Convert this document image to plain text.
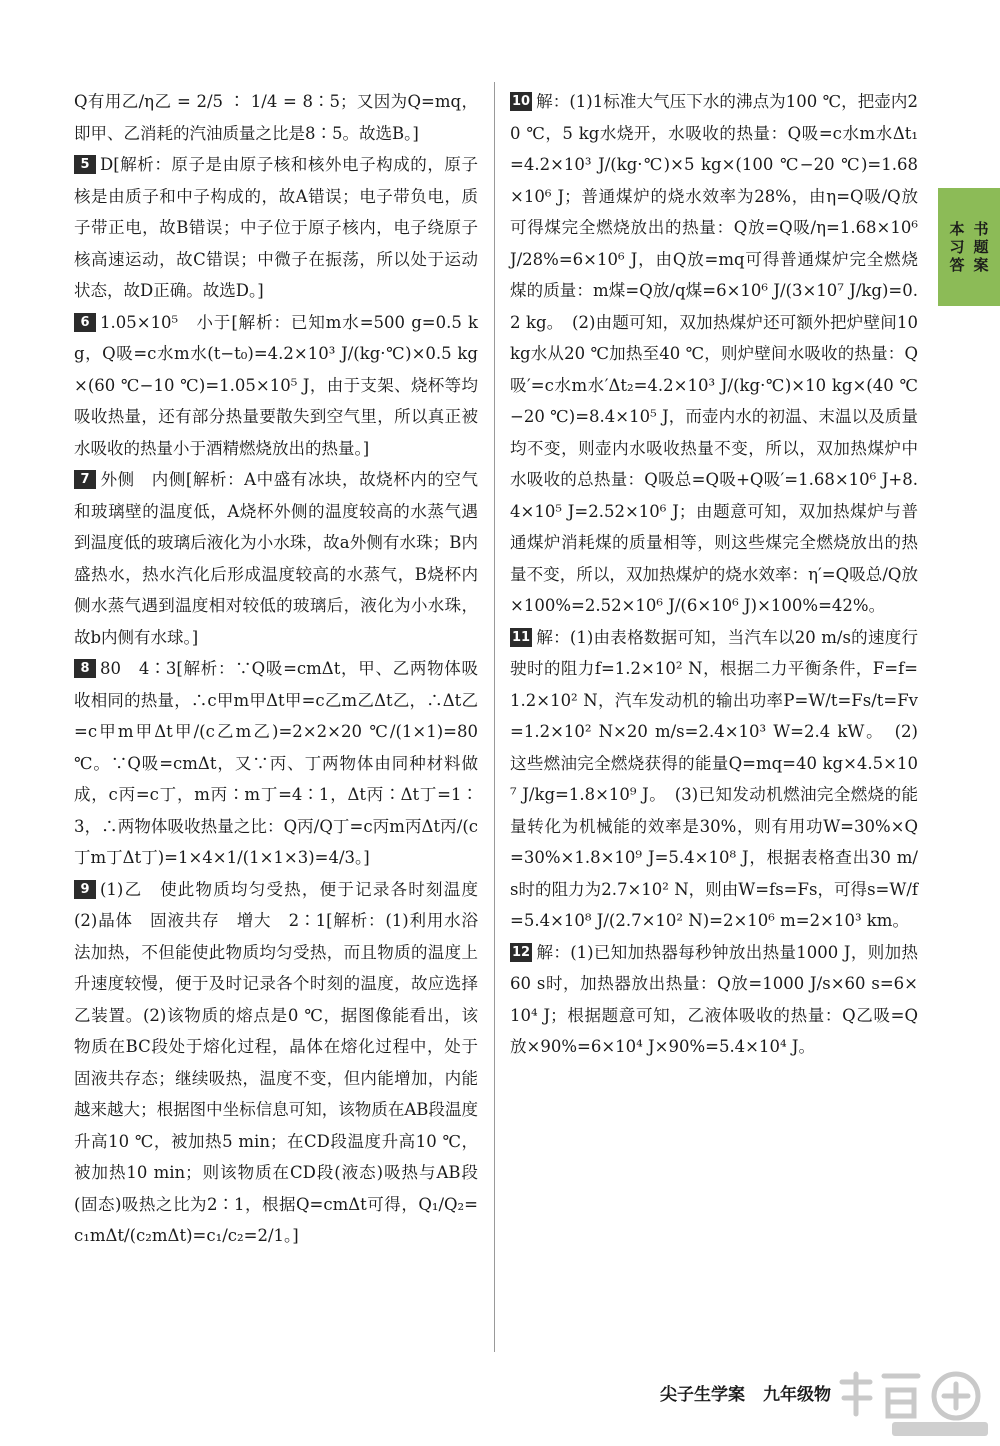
Q有用乙/η乙 = 2/5 ∶ 1/4 = 8∶5；又因为Q=mq，即甲、乙消耗的汽油质量之比是8∶5。故选B。]

5 D[解析：原子是由原子核和核外电子构成的，原子核是由质子和中子构成的，故A错误；电子带负电，质子带正电，故B错误；中子位于原子核内，电子绕原子核高速运动，故C错误；中微子在振荡，所以处于运动状态，故D正确。故选D。]

6 1.05×10⁵　小于[解析：已知m水=500 g=0.5 kg，Q吸=c水m水(t−t₀)=4.2×10³ J/(kg·℃)×0.5 kg×(60 ℃−10 ℃)=1.05×10⁵ J，由于支架、烧杯等均吸收热量，还有部分热量要散失到空气里，所以真正被水吸收的热量小于酒精燃烧放出的热量。]

7 外侧　内侧[解析：A中盛有冰块，故烧杯内的空气和玻璃壁的温度低，A烧杯外侧的温度较高的水蒸气遇到温度低的玻璃后液化为小水珠，故a外侧有水珠；B内盛热水，热水汽化后形成温度较高的水蒸气，B烧杯内侧水蒸气遇到温度相对较低的玻璃后，液化为小水珠，故b内侧有水球。]

8 80　4∶3[解析：∵Q吸=cmΔt，甲、乙两物体吸收相同的热量，∴c甲m甲Δt甲=c乙m乙Δt乙，∴Δt乙=c甲m甲Δt甲/(c乙m乙)=2×2×20 ℃/(1×1)=80 ℃。∵Q吸=cmΔt，又∵丙、丁两物体由同种材料做成，c丙=c丁，m丙∶m丁=4∶1，Δt丙∶Δt丁=1∶3，∴两物体吸收热量之比：Q丙/Q丁=c丙m丙Δt丙/(c丁m丁Δt丁)=1×4×1/(1×1×3)=4/3。]

9 (1)乙　使此物质均匀受热，便于记录各时刻温度　(2)晶体　固液共存　增大　2∶1[解析：(1)利用水浴法加热，不但能使此物质均匀受热，而且物质的温度上升速度较慢，便于及时记录各个时刻的温度，故应选择乙装置。(2)该物质的熔点是0 ℃，据图像能看出，该物质在BC段处于熔化过程，晶体在熔化过程中，处于固液共存态；继续吸热，温度不变，但内能增加，内能越来越大；根据图中坐标信息可知，该物质在AB段温度升高10 ℃，被加热5 min；在CD段温度升高10 ℃，被加热10 min；则该物质在CD段(液态)吸热与AB段(固态)吸热之比为2∶1，根据Q=cmΔt可得，Q₁/Q₂=c₁mΔt/(c₂mΔt)=c₁/c₂=2/1。]

10 解：(1)1标准大气压下水的沸点为100 ℃，把壶内20 ℃，5 kg水烧开，水吸收的热量：Q吸=c水m水Δt₁=4.2×10³ J/(kg·℃)×5 kg×(100 ℃−20 ℃)=1.68×10⁶ J；普通煤炉的烧水效率为28%，由η=Q吸/Q放可得煤完全燃烧放出的热量：Q放=Q吸/η=1.68×10⁶ J/28%=6×10⁶ J，由Q放=mq可得普通煤炉完全燃烧煤的质量：m煤=Q放/q煤=6×10⁶ J/(3×10⁷ J/kg)=0.2 kg。　(2)由题可知，双加热煤炉还可额外把炉壁间10 kg水从20 ℃加热至40 ℃，则炉壁间水吸收的热量：Q吸′=c水m水′Δt₂=4.2×10³ J/(kg·℃)×10 kg×(40 ℃−20 ℃)=8.4×10⁵ J，而壶内水的初温、末温以及质量均不变，则壶内水吸收热量不变，所以，双加热煤炉中水吸收的总热量：Q吸总=Q吸+Q吸′=1.68×10⁶ J+8.4×10⁵ J=2.52×10⁶ J；由题意可知，双加热煤炉与普通煤炉消耗煤的质量相等，则这些煤完全燃烧放出的热量不变，所以，双加热煤炉的烧水效率：η′=Q吸总/Q放×100%=2.52×10⁶ J/(6×10⁶ J)×100%=42%。

11 解：(1)由表格数据可知，当汽车以20 m/s的速度行驶时的阻力f=1.2×10² N，根据二力平衡条件，F=f=1.2×10² N，汽车发动机的输出功率P=W/t=Fs/t=Fv=1.2×10² N×20 m/s=2.4×10³ W=2.4 kW。　(2)这些燃油完全燃烧获得的能量Q=mq=40 kg×4.5×10⁷ J/kg=1.8×10⁹ J。　(3)已知发动机燃油完全燃烧的能量转化为机械能的效率是30%，则有用功W=30%×Q=30%×1.8×10⁹ J=5.4×10⁸ J，根据表格查出30 m/s时的阻力为2.7×10² N，则由W=fs=Fs，可得s=W/f=5.4×10⁸ J/(2.7×10² N)=2×10⁶ m=2×10³ km。

12 解：(1)已知加热器每秒钟放出热量1000 J，则加热60 s时，加热器放出热量：Q放=1000 J/s×60 s=6×10⁴ J；根据题意可知，乙液体吸收的热量：Q乙吸=Q放×90%=6×10⁴ J×90%=5.4×10⁴ J。

本 书
习 题
答 案
尖子生学案 九年级物
